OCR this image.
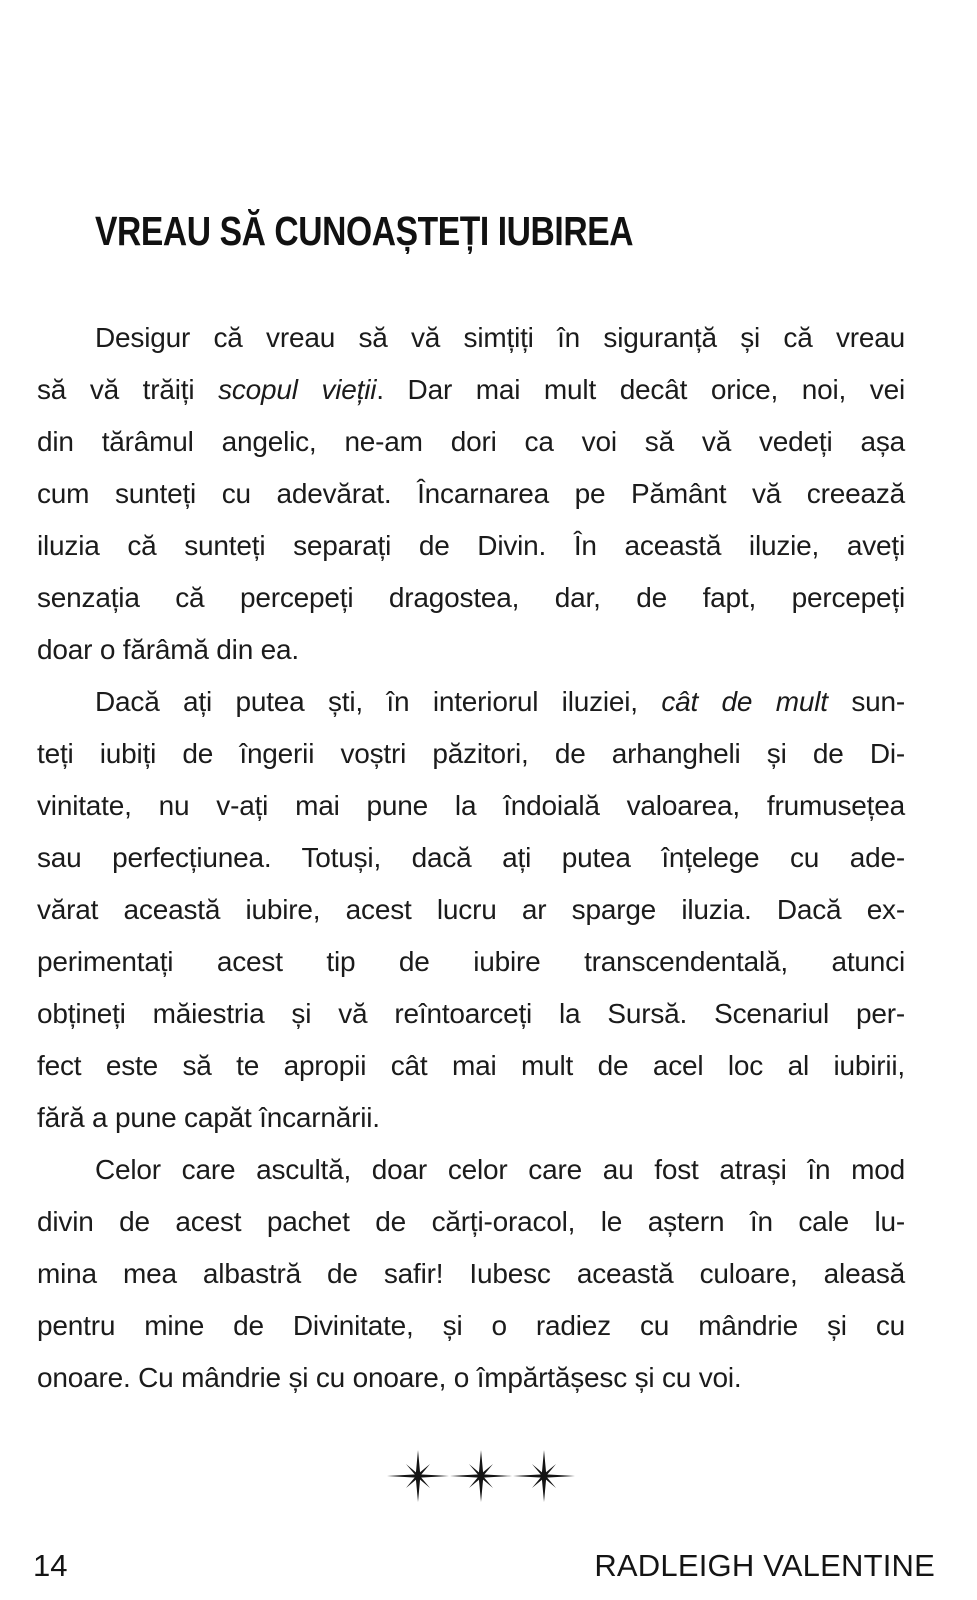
VREAU SĂ CUNOAȘTEȚI IUBIREA
Desigur că vreau să vă simțiți în siguranță și că vreau
să vă trăiți scopul vieții. Dar mai mult decât orice, noi, vei
din tărâmul angelic, ne-am dori ca voi să vă vedeți așa
cum sunteți cu adevărat. Încarnarea pe Pământ vă creează
iluzia că sunteți separați de Divin. În această iluzie, aveți
senzația că percepeți dragostea, dar, de fapt, percepeți
doar o fărâmă din ea.
Dacă ați putea ști, în interiorul iluziei, cât de mult sun-
teți iubiți de îngerii voștri păzitori, de arhangheli și de Di-
vinitate, nu v-ați mai pune la îndoială valoarea, frumusețea
sau perfecțiunea. Totuși, dacă ați putea înțelege cu ade-
vărat această iubire, acest lucru ar sparge iluzia. Dacă ex-
perimentați acest tip de iubire transcendentală, atunci
obțineți măiestria și vă reîntoarceți la Sursă. Scenariul per-
fect este să te apropii cât mai mult de acel loc al iubirii,
fără a pune capăt încarnării.
Celor care ascultă, doar celor care au fost atrași în mod
divin de acest pachet de cărți-oracol, le aștern în cale lu-
mina mea albastră de safir! Iubesc această culoare, aleasă
pentru mine de Divinitate, și o radiez cu mândrie și cu
onoare. Cu mândrie și cu onoare, o împărtășesc și cu voi.
14	RADLEIGH VALENTINE
